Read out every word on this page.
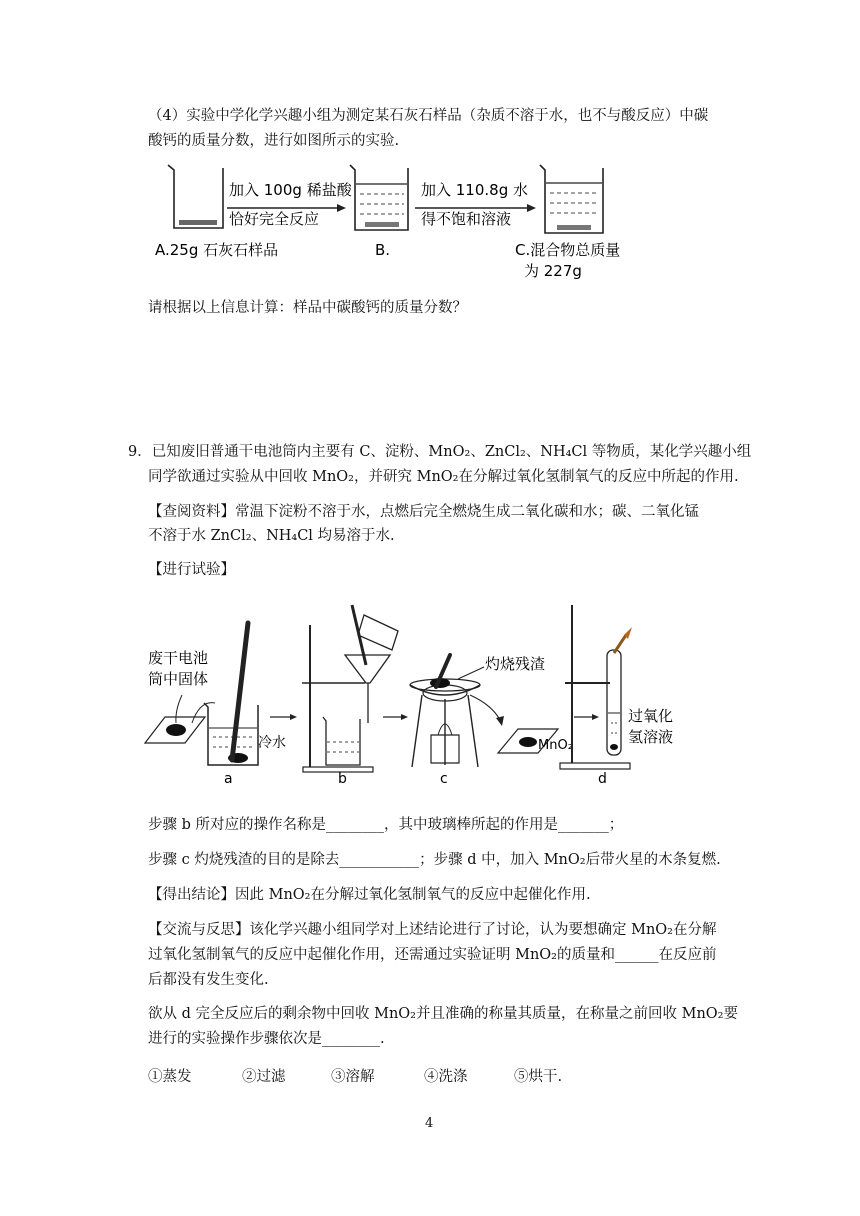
（4）实验中学化学兴趣小组为测定某石灰石样品（杂质不溶于水，也不与酸反应）中碳
酸钙的质量分数，进行如图所示的实验.
加入 100g 稀盐酸
恰好完全反应
加入 110.8g 水
得不饱和溶液
A.25g 石灰石样品	B.	C.混合物总质量
为 227g
请根据以上信息计算：样品中碳酸钙的质量分数？
9．已知废旧普通干电池筒内主要有 C、淀粉、MnO₂、ZnCl₂、NH₄Cl 等物质，某化学兴趣小组
同学欲通过实验从中回收 MnO₂，并研究 MnO₂在分解过氧化氢制氧气的反应中所起的作用.
【查阅资料】常温下淀粉不溶于水，点燃后完全燃烧生成二氧化碳和水；碳、二氧化锰
不溶于水 ZnCl₂、NH₄Cl 均易溶于水.
【进行试验】
废干电池
筒中固体
冷水
a	b
灼烧残渣
c
MnO₂
过氧化
氢溶液
d
步骤 b 所对应的操作名称是________，其中玻璃棒所起的作用是_______；
步骤 c 灼烧残渣的目的是除去___________；步骤 d 中，加入 MnO₂后带火星的木条复燃.
【得出结论】因此 MnO₂在分解过氧化氢制氧气的反应中起催化作用.
【交流与反思】该化学兴趣小组同学对上述结论进行了讨论，认为要想确定 MnO₂在分解
过氧化氢制氧气的反应中起催化作用，还需通过实验证明 MnO₂的质量和______在反应前
后都没有发生变化.
欲从 d 完全反应后的剩余物中回收 MnO₂并且准确的称量其质量，在称量之前回收 MnO₂要
进行的实验操作步骤依次是________.
①蒸发	②过滤	③溶解	④洗涤	⑤烘干.
4
